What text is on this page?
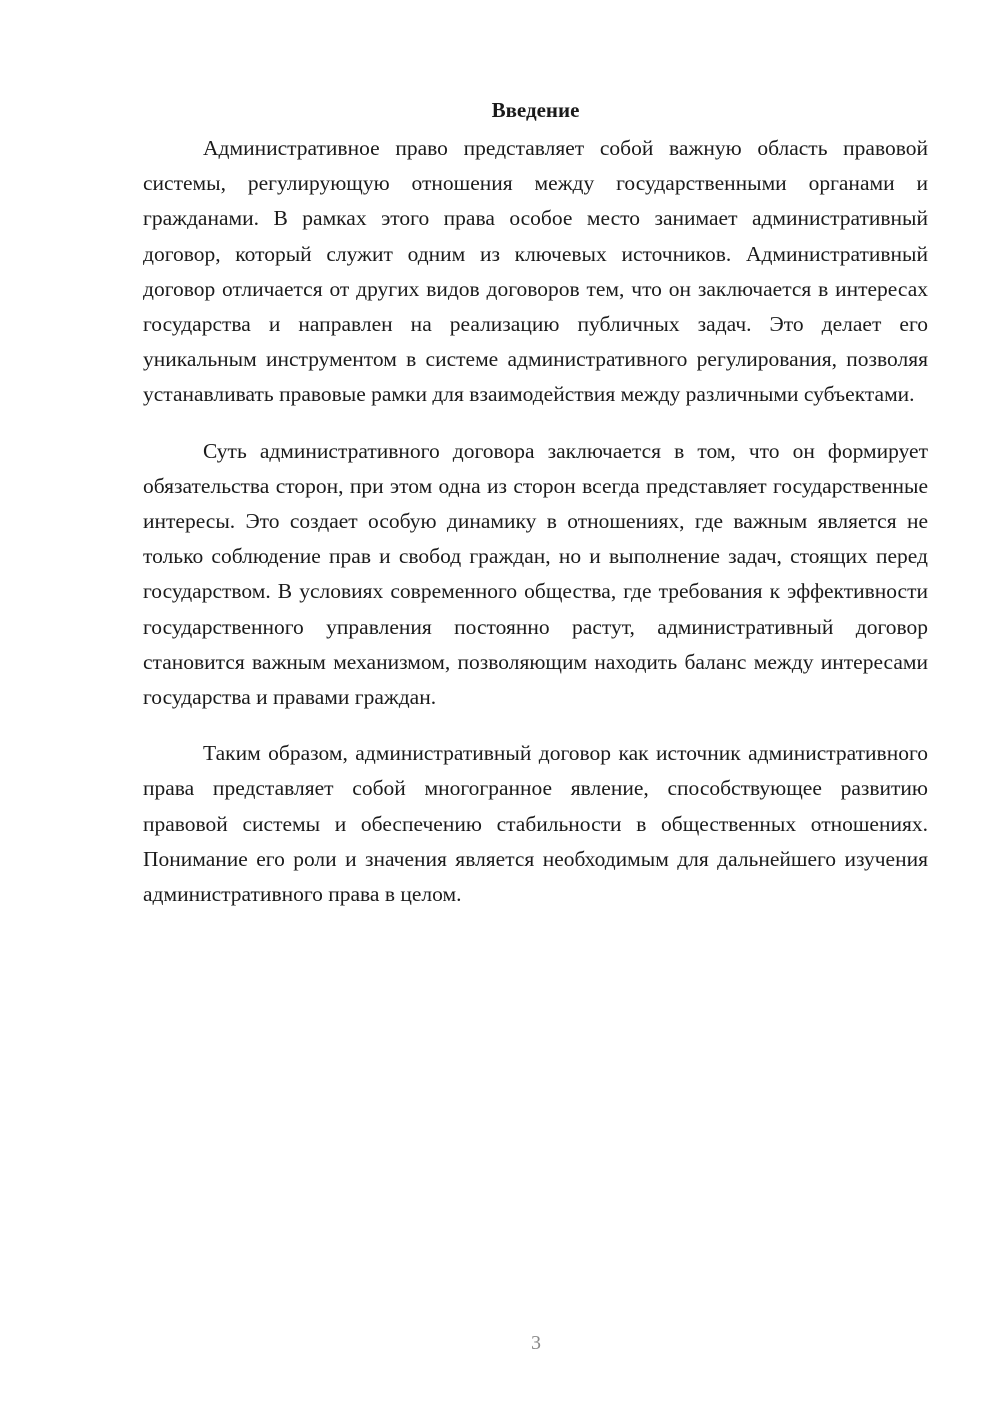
Введение

Административное право представляет собой важную область правовой системы, регулирующую отношения между государственными органами и гражданами. В рамках этого права особое место занимает административный договор, который служит одним из ключевых источников. Административный договор отличается от других видов договоров тем, что он заключается в интересах государства и направлен на реализацию публичных задач. Это делает его уникальным инструментом в системе административного регулирования, позволяя устанавливать правовые рамки для взаимодействия между различными субъектами.

Суть административного договора заключается в том, что он формирует обязательства сторон, при этом одна из сторон всегда представляет государственные интересы. Это создает особую динамику в отношениях, где важным является не только соблюдение прав и свобод граждан, но и выполнение задач, стоящих перед государством. В условиях современного общества, где требования к эффективности государственного управления постоянно растут, административный договор становится важным механизмом, позволяющим находить баланс между интересами государства и правами граждан.

Таким образом, административный договор как источник административного права представляет собой многогранное явление, способствующее развитию правовой системы и обеспечению стабильности в общественных отношениях. Понимание его роли и значения является необходимым для дальнейшего изучения административного права в целом.

3
